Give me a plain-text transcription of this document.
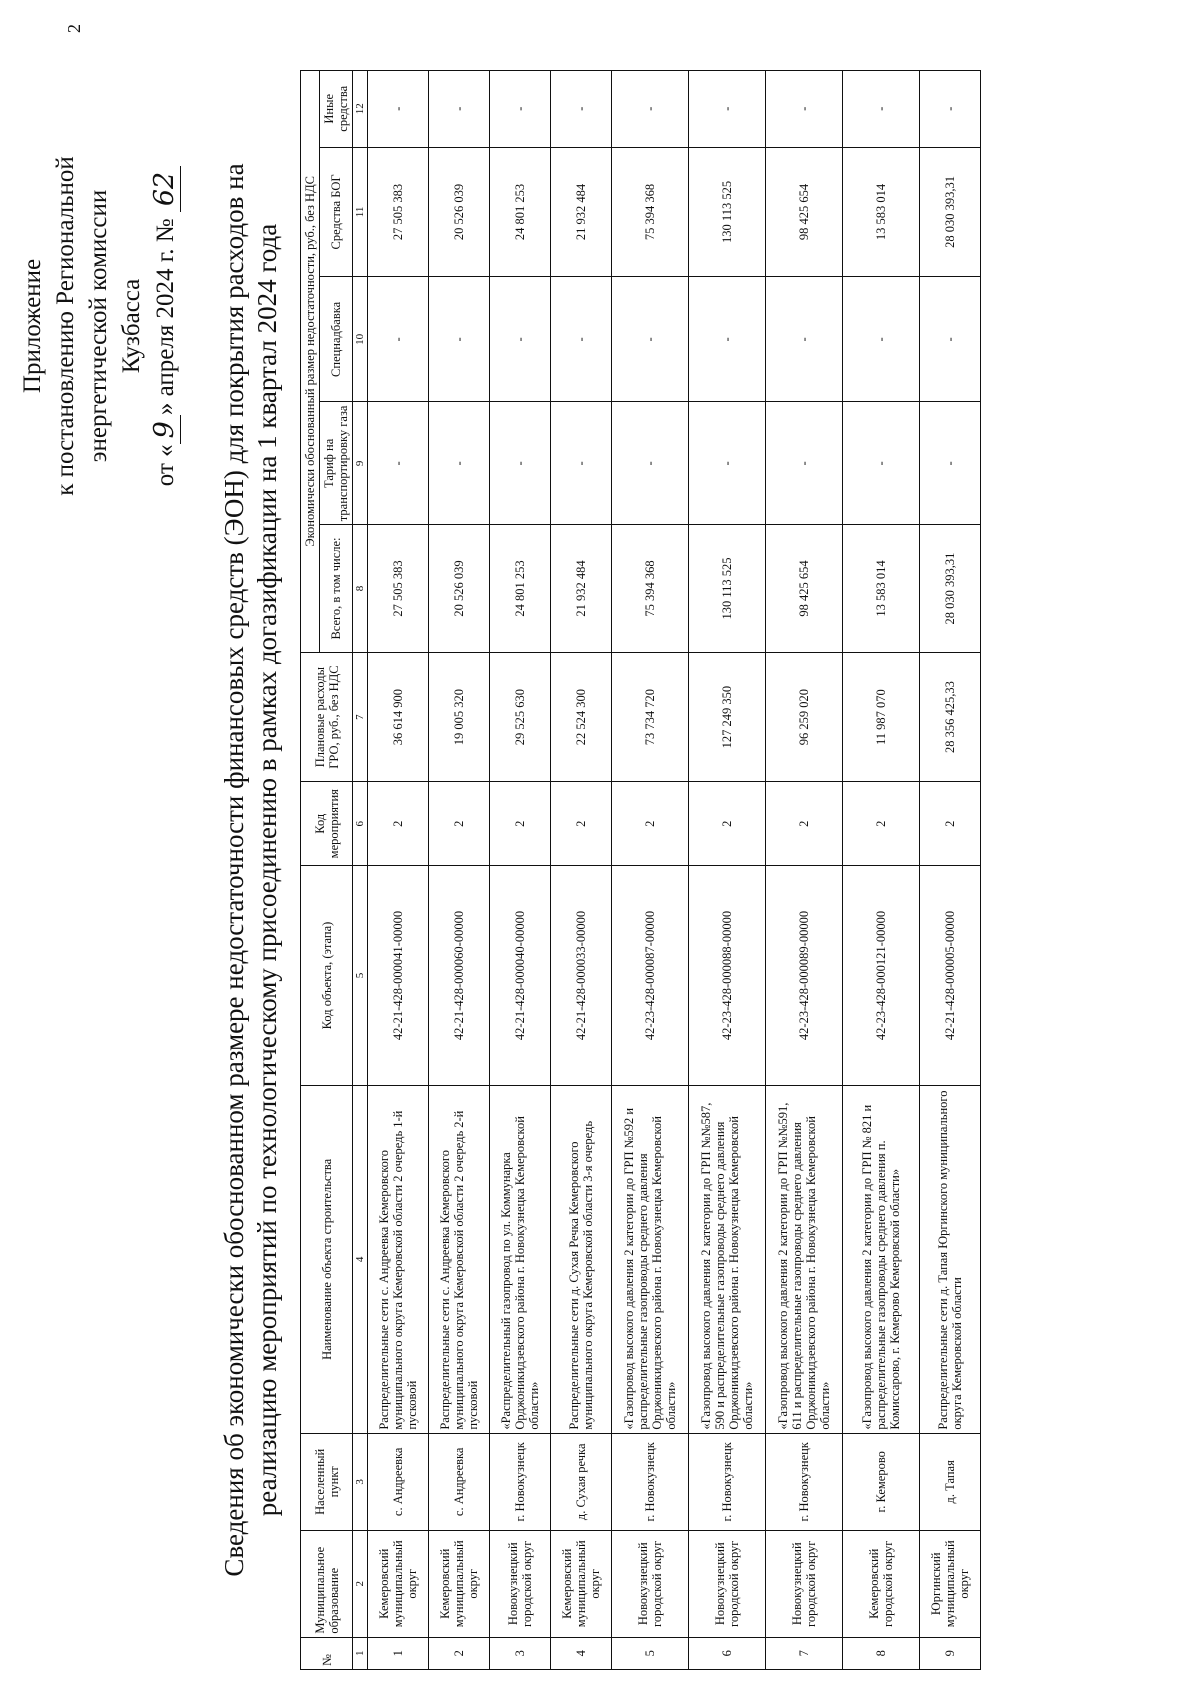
2
Приложение к постановлению Региональной энергетической комиссии Кузбасса
от «9» апреля 2024 г. № 62 Сведения об экономически обоснованном размере недостаточности финансовых средств (ЭОН) для покрытия расходов на реализацию мероприятий по технологическому присоединению в рамках догазификации на 1 квартал 2024 года
№	Муниципальное образование	Населенный пункт	Наименование объекта строительства	Код объекта, (этапа)	Код мероприятия	Плановые расходы ГРО, руб., без НДС	Экономически обоснованный размер недостаточности, руб., без НДС				
							Всего, в том числе:	Тариф на транспортировку газа	Спецнадбавка	Средства БОГ	Иные средства
1	2	3	4	5	6	7	8	9	10	11	12
1	Кемеровский муниципальный округ	с. Андреевка	Распределительные сети с. Андреевка Кемеровского муниципального округа Кемеровской области 2 очередь 1-й пусковой	42-21-428-000041-00000	2	36 614 900	27 505 383	-	-	27 505 383	-
2	Кемеровский муниципальный округ	с. Андреевка	Распределительные сети с. Андреевка Кемеровского муниципального округа Кемеровской области 2 очередь 2-й пусковой	42-21-428-000060-00000	2	19 005 320	20 526 039	-	-	20 526 039	-
3	Новокузнецкий городской округ	г. Новокузнецк	«Распределительный газопровод по ул. Коммунарка Орджоникидзевского района г. Новокузнецка Кемеровской области»	42-21-428-000040-00000	2	29 525 630	24 801 253	-	-	24 801 253	-
4	Кемеровский муниципальный округ	д. Сухая речка	Распределительные сети д. Сухая Речка Кемеровского муниципального округа Кемеровской области 3-я очередь	42-21-428-000033-00000	2	22 524 300	21 932 484	-	-	21 932 484	-
5	Новокузнецкий городской округ	г. Новокузнецк	«Газопровод высокого давления 2 категории до ГРП №592 и распределительные газопроводы среднего давления Орджоникидзевского района г. Новокузнецка Кемеровской области»	42-23-428-000087-00000	2	73 734 720	75 394 368	-	-	75 394 368	-
6	Новокузнецкий городской округ	г. Новокузнецк	«Газопровод высокого давления 2 категории до ГРП №№587, 590 и распределительные газопроводы среднего давления Орджоникидзевского района г. Новокузнецка Кемеровской области»	42-23-428-000088-00000	2	127 249 350	130 113 525	-	-	130 113 525	-
7	Новокузнецкий городской округ	г. Новокузнецк	«Газопровод высокого давления 2 категории до ГРП №№591, 611 и распределительные газопроводы среднего давления Орджоникидзевского района г. Новокузнецка Кемеровской области»	42-23-428-000089-00000	2	96 259 020	98 425 654	-	-	98 425 654	-
8	Кемеровский городской округ	г. Кемерово	«Газопровод высокого давления 2 категории до ГРП № 821 и распределительные газопроводы среднего давления п. Комиссарово, г. Кемерово Кемеровской области»	42-23-428-000121-00000	2	11 987 070	13 583 014	-	-	13 583 014	-
9	Юргинский муниципальный округ	д. Тапая	Распределительные сети д. Тапая Юргинского муниципального округа Кемеровской области	42-21-428-000005-00000	2	28 356 425,33	28 030 393,31	-	-	28 030 393,31	-
